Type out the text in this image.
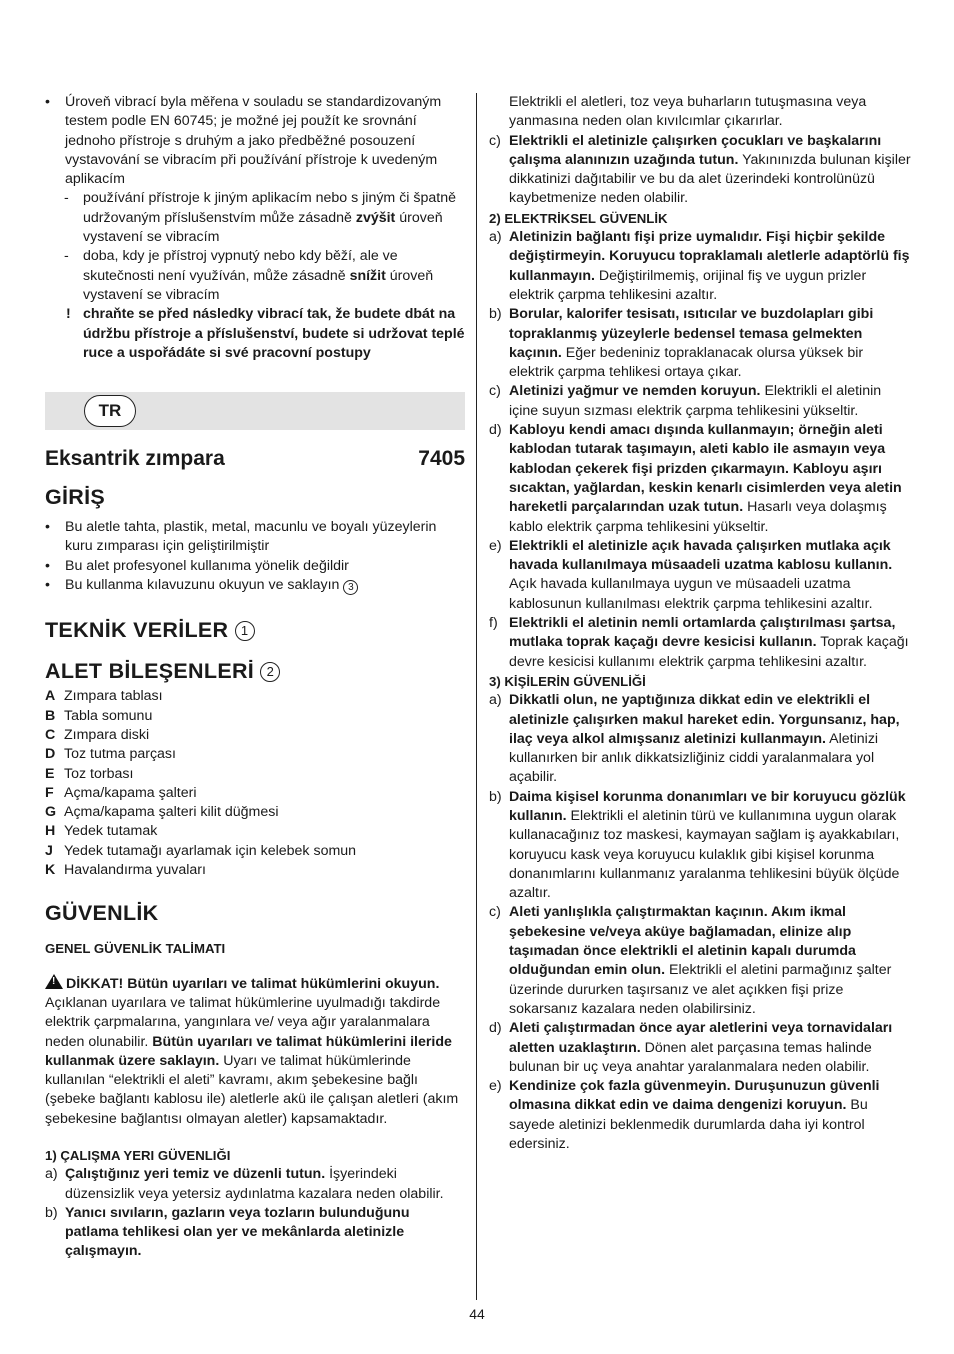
• Úroveň vibrací byla měřena v souladu se standardizovaným testem podle EN 60745; je možné jej použít ke srovnání jednoho přístroje s druhým a jako předběžné posouzení vystavování se vibracím při používání přístroje k uvedeným aplikacím
- používání přístroje k jiným aplikacím nebo s jiným či špatně udržovaným příslušenstvím může zásadně zvýšit úroveň vystavení se vibracím
- doba, kdy je přístroj vypnutý nebo kdy běží, ale ve skutečnosti není využíván, může zásadně snížit úroveň vystavení se vibracím
! chraňte se před následky vibrací tak, že budete dbát na údržbu přístroje a příslušenství, budete si udržovat teplé ruce a uspořádáte si své pracovní postupy
TR
Eksantrik zımpara	7405
GİRİŞ
• Bu aletle tahta, plastik, metal, macunlu ve boyalı yüzeylerin kuru zımparası için geliştirilmiştir
• Bu alet profesyonel kullanıma yönelik değildir
• Bu kullanma kılavuzunu okuyun ve saklayın 3
TEKNİK VERİLER 1
ALET BİLEŞENLERİ 2
A Zımpara tablası
B Tabla somunu
C Zımpara diski
D Toz tutma parçası
E Toz torbası
F Açma/kapama şalteri
G Açma/kapama şalteri kilit düğmesi
H Yedek tutamak
J Yedek tutamağı ayarlamak için kelebek somun
K Havalandırma yuvaları
GÜVENLİK
GENEL GÜVENLİK TALİMATI
!DİKKAT! Bütün uyarıları ve talimat hükümlerini okuyun. Açıklanan uyarılara ve talimat hükümlerine uyulmadığı takdirde elektrik çarpmalarına, yangınlara ve/ veya ağır yaralanmalara neden olunabilir. Bütün uyarıları ve talimat hükümlerini ileride kullanmak üzere saklayın. Uyarı ve talimat hükümlerinde kullanılan “elektrikli el aleti” kavramı, akım şebekesine bağlı (şebeke bağlantı kablosu ile) aletlerle akü ile çalışan aletleri (akım şebekesine bağlantısı olmayan aletler) kapsamaktadır.
1) ÇALIŞMA YERI GÜVENLIĞI
a) Çalıştığınız yeri temiz ve düzenli tutun. İşyerindeki düzensizlik veya yetersiz aydınlatma kazalara neden olabilir.
b) Yanıcı sıvıların, gazların veya tozların bulunduğunu patlama tehlikesi olan yer ve mekânlarda aletinizle çalışmayın.
Elektrikli el aletleri, toz veya buharların tutuşmasına veya yanmasına neden olan kıvılcımlar çıkarırlar.
c) Elektrikli el aletinizle çalışırken çocukları ve başkalarını çalışma alanınızın uzağında tutun. Yakınınızda bulunan kişiler dikkatinizi dağıtabilir ve bu da alet üzerindeki kontrolünüzü kaybetmenize neden olabilir.
2) ELEKTRİKSEL GÜVENLİK
a) Aletinizin bağlantı fişi prize uymalıdır. Fişi hiçbir şekilde değiştirmeyin. Koruyucu topraklamalı aletlerle adaptörlü fiş kullanmayın. Değiştirilmemiş, orijinal fiş ve uygun prizler elektrik çarpma tehlikesini azaltır.
b) Borular, kalorifer tesisatı, ısıtıcılar ve buzdolapları gibi topraklanmış yüzeylerle bedensel temasa gelmekten kaçının. Eğer bedeniniz topraklanacak olursa yüksek bir elektrik çarpma tehlikesi ortaya çıkar.
c) Aletinizi yağmur ve nemden koruyun. Elektrikli el aletinin içine suyun sızması elektrik çarpma tehlikesini yükseltir.
d) Kabloyu kendi amacı dışında kullanmayın; örneğin aleti kablodan tutarak taşımayın, aleti kablo ile asmayın veya kablodan çekerek fişi prizden çıkarmayın. Kabloyu aşırı sıcaktan, yağlardan, keskin kenarlı cisimlerden veya aletin hareketli parçalarından uzak tutun. Hasarlı veya dolaşmış kablo elektrik çarpma tehlikesini yükseltir.
e) Elektrikli el aletinizle açık havada çalışırken mutlaka açık havada kullanılmaya müsaadeli uzatma kablosu kullanın. Açık havada kullanılmaya uygun ve müsaadeli uzatma kablosunun kullanılması elektrik çarpma tehlikesini azaltır.
f) Elektrikli el aletinin nemli ortamlarda çalıştırılması şartsa, mutlaka toprak kaçağı devre kesicisi kullanın. Toprak kaçağı devre kesicisi kullanımı elektrik çarpma tehlikesini azaltır.
3) KİŞİLERİN GÜVENLİĞİ
a) Dikkatli olun, ne yaptığınıza dikkat edin ve elektrikli el aletinizle çalışırken makul hareket edin. Yorgunsanız, hap, ilaç veya alkol almışsanız aletinizi kullanmayın. Aletinizi kullanırken bir anlık dikkatsizliğiniz ciddi yaralanmalara yol açabilir.
b) Daima kişisel korunma donanımları ve bir koruyucu gözlük kullanın. Elektrikli el aletinin türü ve kullanımına uygun olarak kullanacağınız toz maskesi, kaymayan sağlam iş ayakkabıları, koruyucu kask veya koruyucu kulaklık gibi kişisel korunma donanımlarını kullanmanız yaralanma tehlikesini büyük ölçüde azaltır.
c) Aleti yanlışlıkla çalıştırmaktan kaçının. Akım ikmal şebekesine ve/veya aküye bağlamadan, elinize alıp taşımadan önce elektrikli el aletinin kapalı durumda olduğundan emin olun. Elektrikli el aletini parmağınız şalter üzerinde dururken taşırsanız ve alet açıkken fişi prize sokarsanız kazalara neden olabilirsiniz.
d) Aleti çalıştırmadan önce ayar aletlerini veya tornavidaları aletten uzaklaştırın. Dönen alet parçasına temas halinde bulunan bir uç veya anahtar yaralanmalara neden olabilir.
e) Kendinize çok fazla güvenmeyin. Duruşunuzun güvenli olmasına dikkat edin ve daima dengenizi koruyun. Bu sayede aletinizi beklenmedik durumlarda daha iyi kontrol edersiniz.
44
